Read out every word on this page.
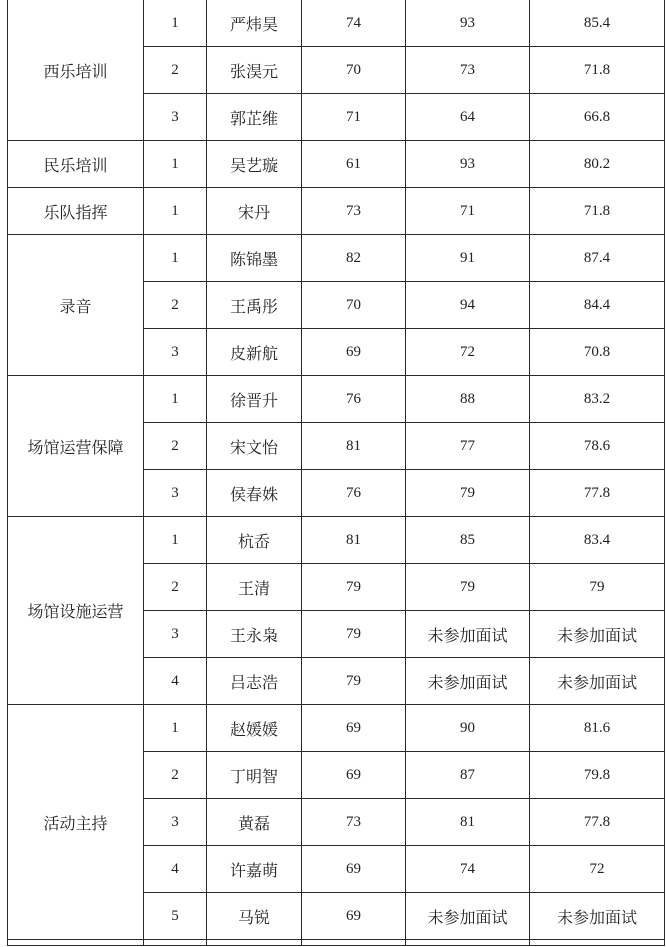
西乐培训	1	严炜昊	74	93	85.4
	2	张淏元	70	73	71.8
	3	郭芷维	71	64	66.8
民乐培训	1	吴艺璇	61	93	80.2
乐队指挥	1	宋丹	73	71	71.8
录音	1	陈锦墨	82	91	87.4
	2	王禹彤	70	94	84.4
	3	皮新航	69	72	70.8
场馆运营保障	1	徐晋升	76	88	83.2
	2	宋文怡	81	77	78.6
	3	侯春姝	76	79	77.8
场馆设施运营	1	杭岙	81	85	83.4
	2	王清	79	79	79
	3	王永枭	79	未参加面试	未参加面试
	4	吕志浩	79	未参加面试	未参加面试
活动主持	1	赵媛媛	69	90	81.6
	2	丁明智	69	87	79.8
	3	黄磊	73	81	77.8
	4	许嘉萌	69	74	72
	5	马锐	69	未参加面试	未参加面试
